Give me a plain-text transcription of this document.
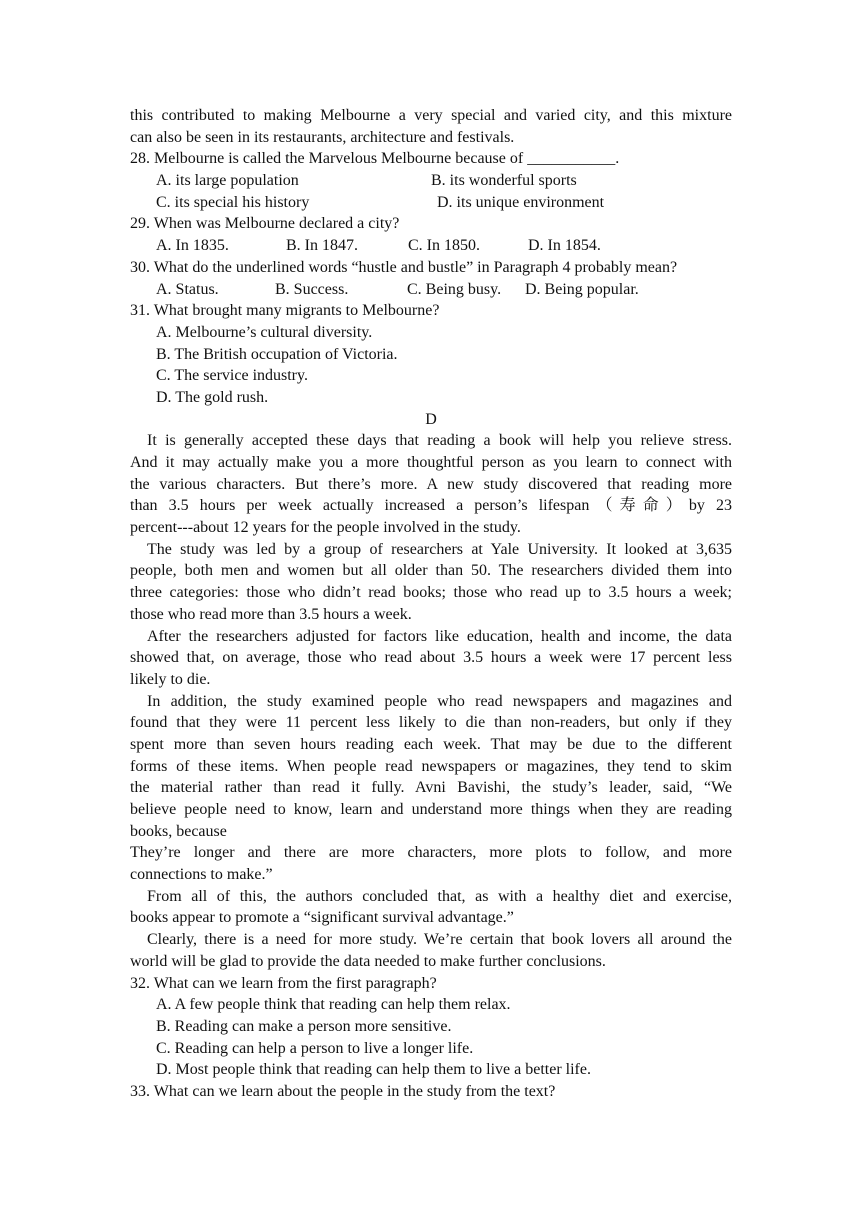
this contributed to making Melbourne a very special and varied city, and this mixture
can also be seen in its restaurants, architecture and festivals.
28. Melbourne is called the Marvelous Melbourne because of ___________.
A. its large population	B. its wonderful sports
C. its special his history	D. its unique environment
29. When was Melbourne declared a city?
A. In 1835.	B. In 1847.	C. In 1850.	D. In 1854.
30. What do the underlined words “hustle and bustle” in Paragraph 4 probably mean?
A. Status.	B. Success.	C. Being busy. D. Being popular.
31. What brought many migrants to Melbourne?
A. Melbourne’s cultural diversity.
B. The British occupation of Victoria.
C. The service industry.
D. The gold rush.
D
It is generally accepted these days that reading a book will help you relieve stress.
And it may actually make you a more thoughtful person as you learn to connect with
the various characters. But there’s more. A new study discovered that reading more
than 3.5 hours per week actually increased a person’s lifespan（寿命）by 23
percent---about 12 years for the people involved in the study.
The study was led by a group of researchers at Yale University. It looked at 3,635
people, both men and women but all older than 50. The researchers divided them into
three categories: those who didn’t read books; those who read up to 3.5 hours a week;
those who read more than 3.5 hours a week.
After the researchers adjusted for factors like education, health and income, the data
showed that, on average, those who read about 3.5 hours a week were 17 percent less
likely to die.
In addition, the study examined people who read newspapers and magazines and
found that they were 11 percent less likely to die than non-readers, but only if they
spent more than seven hours reading each week. That may be due to the different
forms of these items. When people read newspapers or magazines, they tend to skim
the material rather than read it fully. Avni Bavishi, the study’s leader, said, “We
believe people need to know, learn and understand more things when they are reading
books, because
They’re longer and there are more characters, more plots to follow, and more
connections to make.”
From all of this, the authors concluded that, as with a healthy diet and exercise,
books appear to promote a “significant survival advantage.”
Clearly, there is a need for more study. We’re certain that book lovers all around the
world will be glad to provide the data needed to make further conclusions.
32. What can we learn from the first paragraph?
A. A few people think that reading can help them relax.
B. Reading can make a person more sensitive.
C. Reading can help a person to live a longer life.
D. Most people think that reading can help them to live a better life.
33. What can we learn about the people in the study from the text?
